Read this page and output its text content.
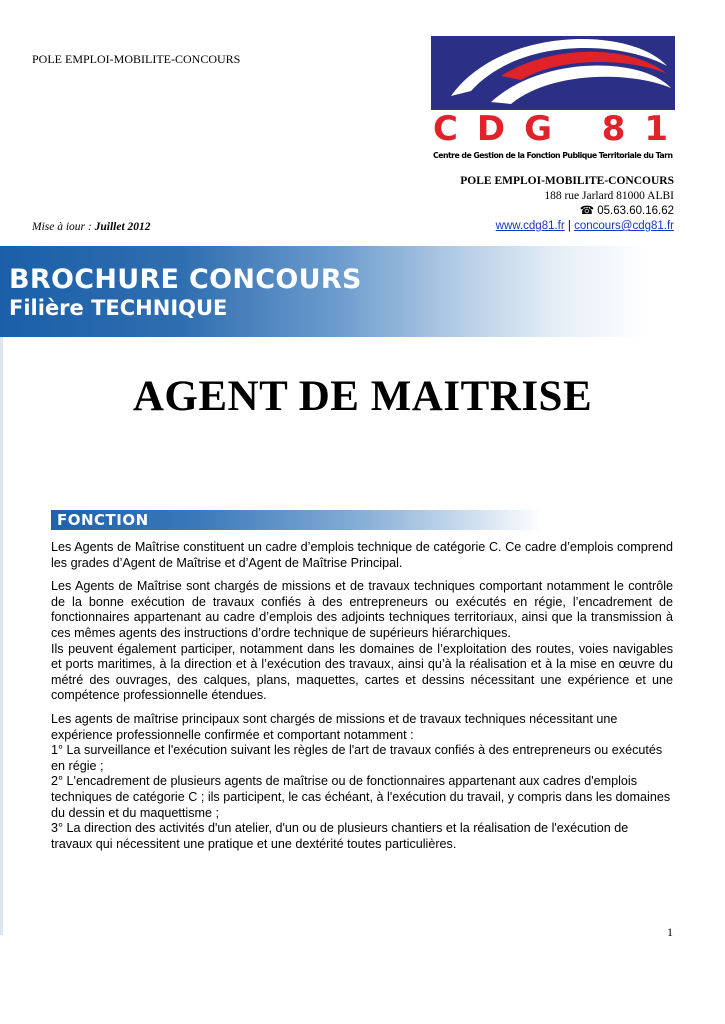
POLE EMPLOI-MOBILITE-CONCOURS
CDG 81
Centre de Gestion de la Fonction Publique Territoriale du Tarn
POLE EMPLOI-MOBILITE-CONCOURS
188 rue Jarlard 81000 ALBI
☎ 05.63.60.16.62
www.cdg81.fr | concours@cdg81.fr
Mise à iour : Juillet 2012
BROCHURE CONCOURS
Filière TECHNIQUE
AGENT DE MAITRISE
FONCTION

Les Agents de Maîtrise constituent un cadre d’emplois technique de catégorie C. Ce cadre d’emplois comprend les grades d’Agent de Maîtrise et d’Agent de Maîtrise Principal.

Les Agents de Maîtrise sont chargés de missions et de travaux techniques comportant notamment le contrôle de la bonne exécution de travaux confiés à des entrepreneurs ou exécutés en régie, l’encadrement de fonctionnaires appartenant au cadre d’emplois des adjoints techniques territoriaux, ainsi que la transmission à ces mêmes agents des instructions d’ordre technique de supérieurs hiérarchiques.

Ils peuvent également participer, notamment dans les domaines de l’exploitation des routes, voies navigables et ports maritimes, à la direction et à l’exécution des travaux, ainsi qu’à la réalisation et à la mise en œuvre du métré des ouvrages, des calques, plans, maquettes, cartes et dessins nécessitant une expérience et une compétence professionnelle étendues.

Les agents de maîtrise principaux sont chargés de missions et de travaux techniques nécessitant une expérience professionnelle confirmée et comportant notamment :

1° La surveillance et l'exécution suivant les règles de l'art de travaux confiés à des entrepreneurs ou exécutés en régie ;

2° L'encadrement de plusieurs agents de maîtrise ou de fonctionnaires appartenant aux cadres d'emplois techniques de catégorie C ; ils participent, le cas échéant, à l'exécution du travail, y compris dans les domaines du dessin et du maquettisme ;

3° La direction des activités d'un atelier, d'un ou de plusieurs chantiers et la réalisation de l'exécution de travaux qui nécessitent une pratique et une dextérité toutes particulières.

1
